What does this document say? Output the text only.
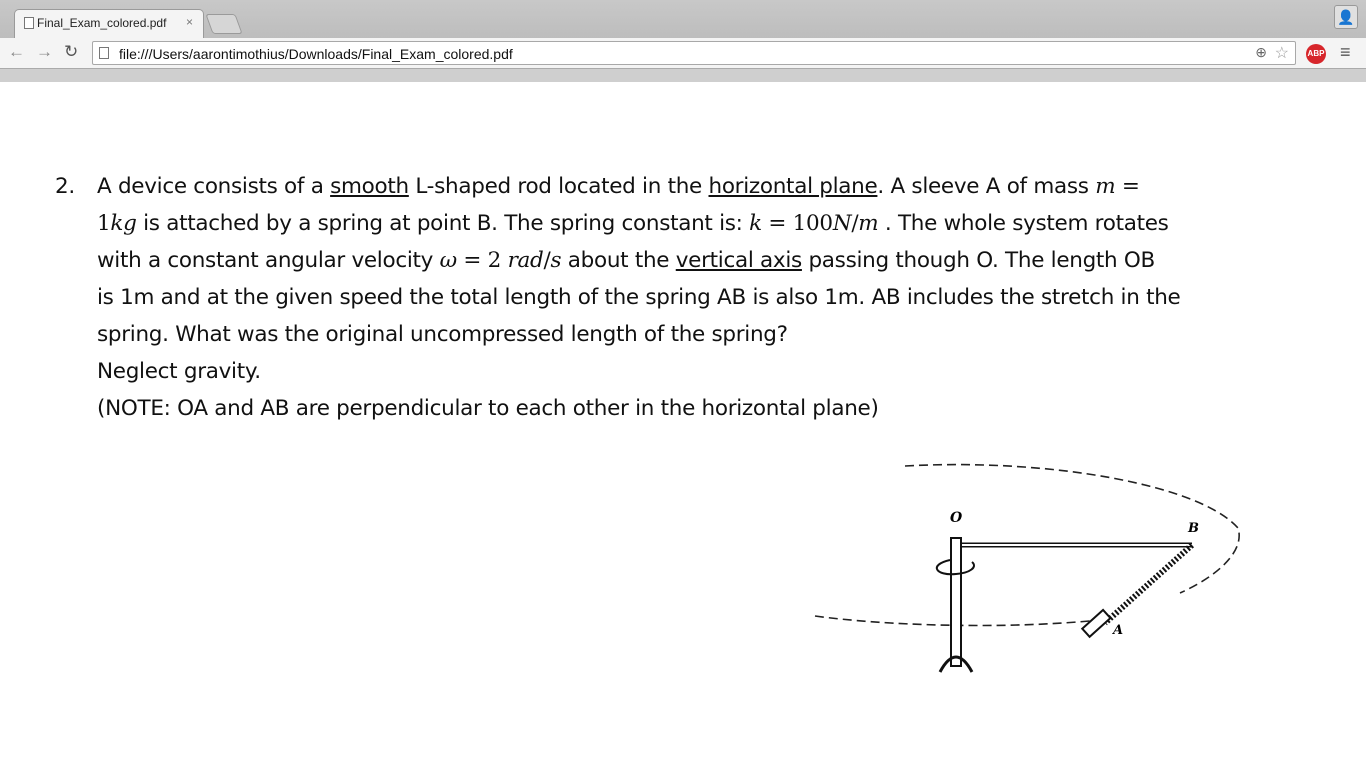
Final_Exam_colored.pdf ×	👤
← → ↻	file:///Users/aarontimothius/Downloads/Final_Exam_colored.pdf	⊕ ☆ ABP ≡
2. A device consists of a smooth L-shaped rod located in the horizontal plane. A sleeve A of mass m =
1kg is attached by a spring at point B. The spring constant is: k = 100N/m . The whole system rotates
with a constant angular velocity ω = 2 rad/s about the vertical axis passing though O. The length OB
is 1m and at the given speed the total length of the spring AB is also 1m. AB includes the stretch in the
spring. What was the original uncompressed length of the spring?
Neglect gravity.
(NOTE: OA and AB are perpendicular to each other in the horizontal plane)
O
B
A
